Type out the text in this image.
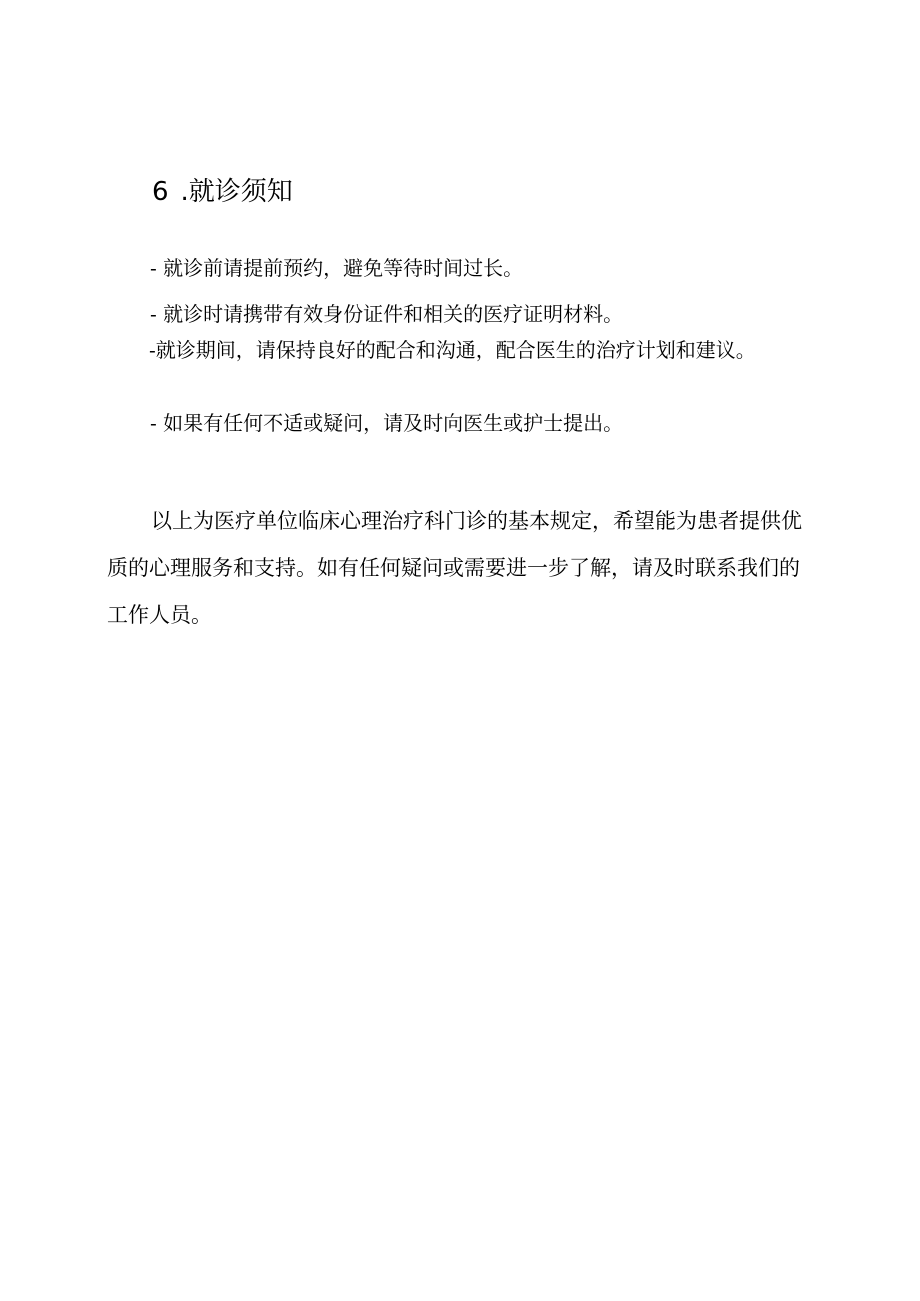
6 .就诊须知
- 就诊前请提前预约，避免等待时间过长。
- 就诊时请携带有效身份证件和相关的医疗证明材料。
-就诊期间，请保持良好的配合和沟通，配合医生的治疗计划和建议。
- 如果有任何不适或疑问，请及时向医生或护士提出。

以上为医疗单位临床心理治疗科门诊的基本规定，希望能为患者提供优质的心理服务和支持。如有任何疑问或需要进一步了解，请及时联系我们的工作人员。
